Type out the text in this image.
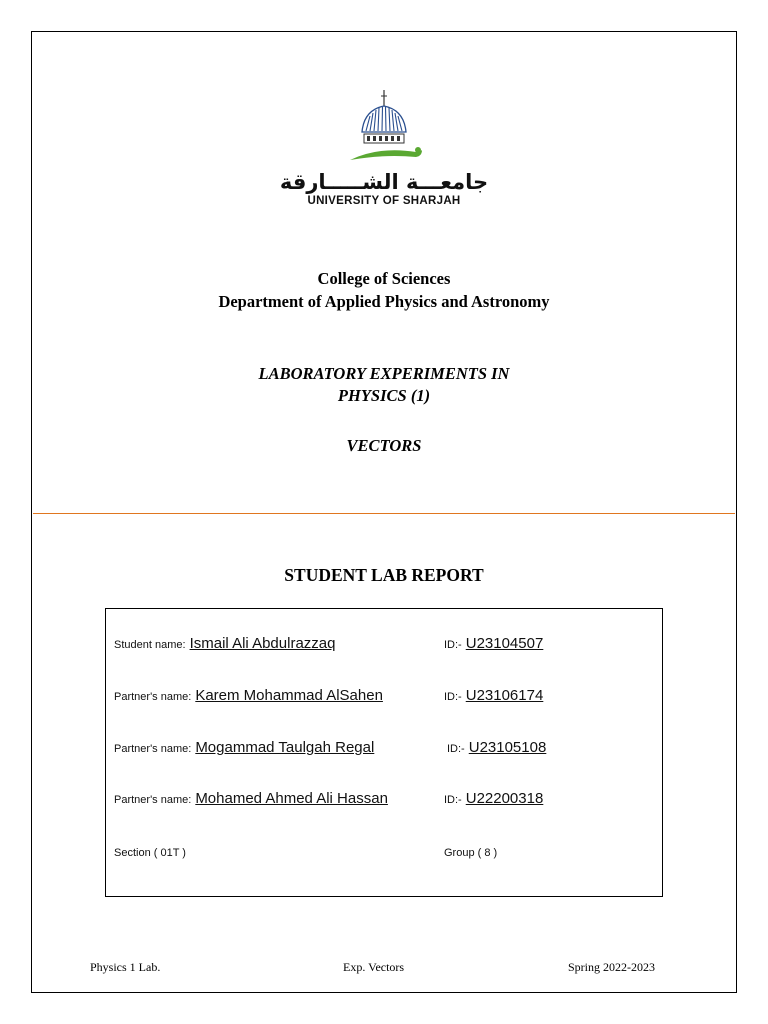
جامعـــة الشـــــارقة
UNIVERSITY OF SHARJAH
College of Sciences
Department of Applied Physics and Astronomy
LABORATORY EXPERIMENTS IN
PHYSICS (1)
VECTORS
STUDENT LAB REPORT
Student name: Ismail Ali Abdulrazzaq	ID:- U23104507
Partner's name: Karem Mohammad AlSahen	ID:- U23106174
Partner's name: Mogammad Taulgah Regal	ID:- U23105108
Partner's name: Mohamed Ahmed Ali Hassan	ID:- U22200318
Section ( 01T )	Group ( 8 )
Physics 1 Lab.	Exp. Vectors	Spring 2022-2023
